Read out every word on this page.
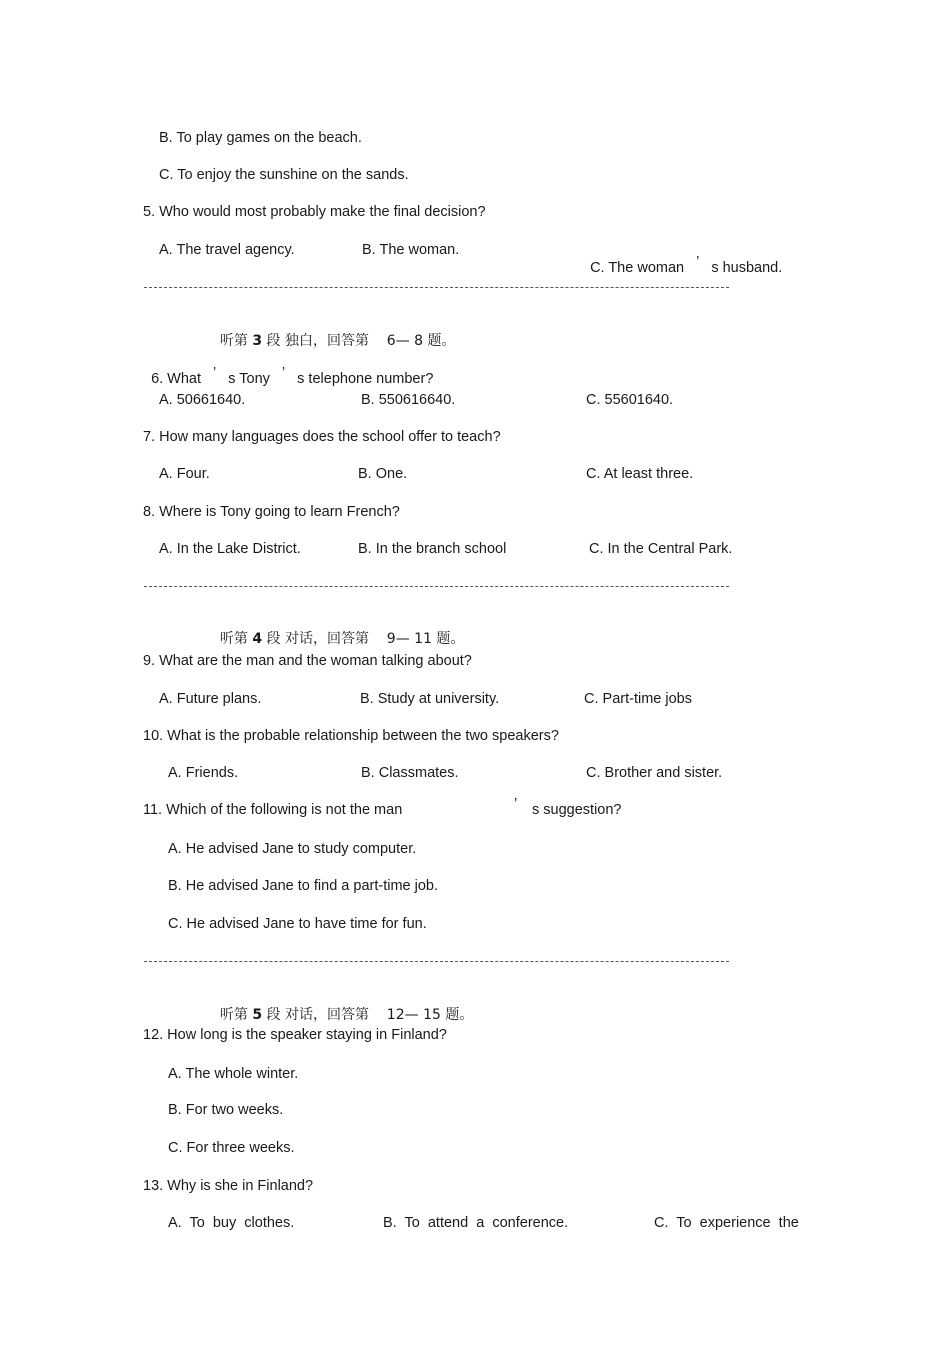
B. To play games on the beach.
C. To enjoy the sunshine on the sands.
5. Who would most probably make the final decision?
A. The travel agency.	B. The woman.

C. The woman ’ s husband.

听第 3 段 独白，回答第    6— 8 题。

6. What ’ s Tony ’ s telephone number?

A. 50661640.	B. 550616640.	C. 55601640.
7. How many languages does the school offer to teach?
A. Four.	B. One.	C. At least three.
8. Where is Tony going to learn French?
A. In the Lake District.	B. In the branch school	C. In the Central Park.

听第 4 段 对话，回答第    9— 11 题。

9. What are the man and the woman talking about?
A. Future plans.	B. Study at university.	C. Part-time jobs
10. What is the probable relationship between the two speakers?
A. Friends.	B. Classmates.	C. Brother and sister.
11. Which of the following is not the man	’ s suggestion?
A. He advised Jane to study computer.
B. He advised Jane to find a part-time job.
C. He advised Jane to have time for fun.

听第 5 段 对话，回答第    12— 15 题。

12. How long is the speaker staying in Finland?
A. The whole winter.
B. For two weeks.
C. For three weeks.
13. Why is she in Finland?
A.  To  buy  clothes.	B.  To  attend  a  conference.	C.  To  experience  the
